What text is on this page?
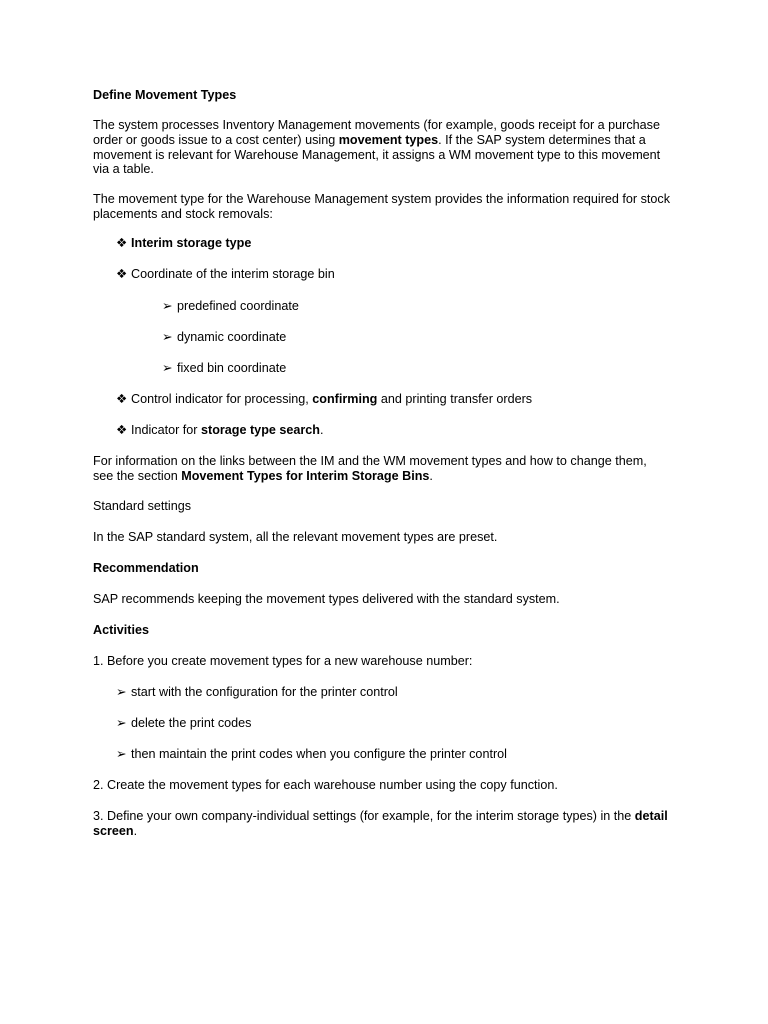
Define Movement Types
The system processes Inventory Management movements (for example, goods receipt for a purchase
order or goods issue to a cost center) using movement types. If the SAP system determines that a
movement is relevant for Warehouse Management, it assigns a WM movement type to this movement
via a table.
The movement type for the Warehouse Management system provides the information required for stock
placements and stock removals:
❖ Interim storage type
❖ Coordinate of the interim storage bin
➢ predefined coordinate
➢ dynamic coordinate
➢ fixed bin coordinate
❖ Control indicator for processing, confirming and printing transfer orders
❖ Indicator for storage type search.
For information on the links between the IM and the WM movement types and how to change them,
see the section Movement Types for Interim Storage Bins.
Standard settings
In the SAP standard system, all the relevant movement types are preset.
Recommendation
SAP recommends keeping the movement types delivered with the standard system.
Activities
1. Before you create movement types for a new warehouse number:
➢ start with the configuration for the printer control
➢ delete the print codes
➢ then maintain the print codes when you configure the printer control
2. Create the movement types for each warehouse number using the copy function.
3. Define your own company-individual settings (for example, for the interim storage types) in the detail
screen.
